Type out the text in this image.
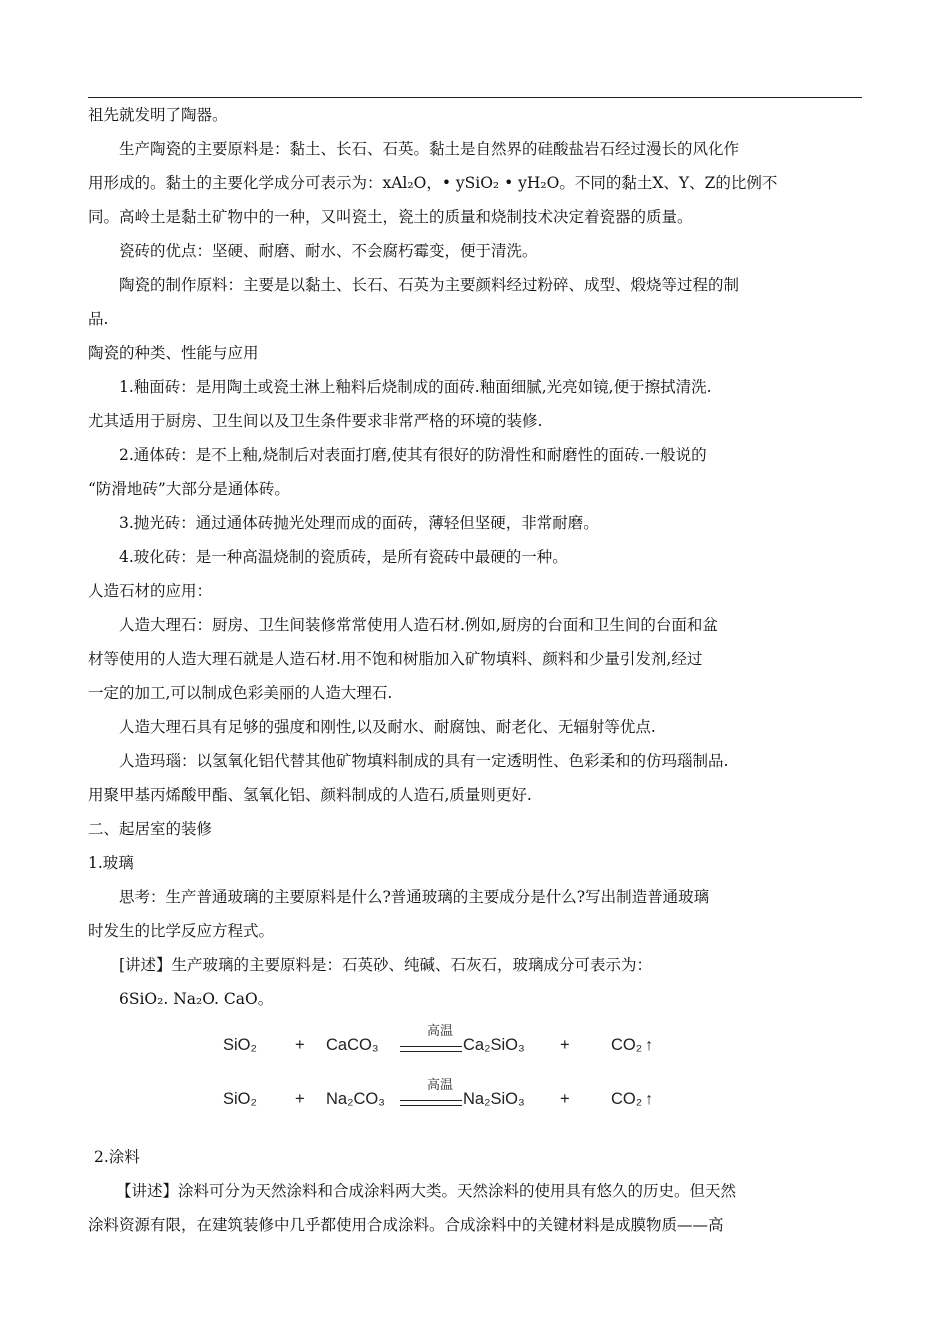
祖先就发明了陶器。
生产陶瓷的主要原料是：黏土、长石、石英。黏土是自然界的硅酸盐岩石经过漫长的风化作
用形成的。黏土的主要化学成分可表示为：xAl₂O，• ySiO₂ • yH₂O。不同的黏土X、Y、Z的比例不
同。高岭土是黏土矿物中的一种，又叫瓷土，瓷土的质量和烧制技术决定着瓷器的质量。
瓷砖的优点：坚硬、耐磨、耐水、不会腐朽霉变，便于清洗。
陶瓷的制作原料：主要是以黏土、长石、石英为主要颜料经过粉碎、成型、煅烧等过程的制
品.
陶瓷的种类、性能与应用
1.釉面砖：是用陶土或瓷土淋上釉料后烧制成的面砖.釉面细腻,光亮如镜,便于擦拭清洗.
尤其适用于厨房、卫生间以及卫生条件要求非常严格的环境的装修.
2.通体砖：是不上釉,烧制后对表面打磨,使其有很好的防滑性和耐磨性的面砖.一般说的
“防滑地砖”大部分是通体砖。
3.抛光砖：通过通体砖抛光处理而成的面砖，薄轻但坚硬，非常耐磨。
4.玻化砖：是一种高温烧制的瓷质砖，是所有瓷砖中最硬的一种。
人造石材的应用：
人造大理石：厨房、卫生间装修常常使用人造石材.例如,厨房的台面和卫生间的台面和盆
材等使用的人造大理石就是人造石材.用不饱和树脂加入矿物填料、颜料和少量引发剂,经过
一定的加工,可以制成色彩美丽的人造大理石.
人造大理石具有足够的强度和刚性,以及耐水、耐腐蚀、耐老化、无辐射等优点.
人造玛瑙：以氢氧化铝代替其他矿物填料制成的具有一定透明性、色彩柔和的仿玛瑙制品.
用聚甲基丙烯酸甲酯、氢氧化铝、颜料制成的人造石,质量则更好.
二、起居室的装修
1.玻璃
思考：生产普通玻璃的主要原料是什么?普通玻璃的主要成分是什么?写出制造普通玻璃
时发生的比学反应方程式。
[讲述】生产玻璃的主要原料是：石英砂、纯碱、石灰石，玻璃成分可表示为：
6SiO₂. Na₂O. CaO。
SiO₂ + CaCO₃
高温
Ca₂SiO₃ +	CO₂ ↑
SiO₂ + Na₂CO₃
高温
Na₂SiO₃ +	CO₂ ↑
2.涂料
【讲述】涂料可分为天然涂料和合成涂料两大类。天然涂料的使用具有悠久的历史。但天然
涂料资源有限，在建筑装修中几乎都使用合成涂料。合成涂料中的关键材料是成膜物质——高
